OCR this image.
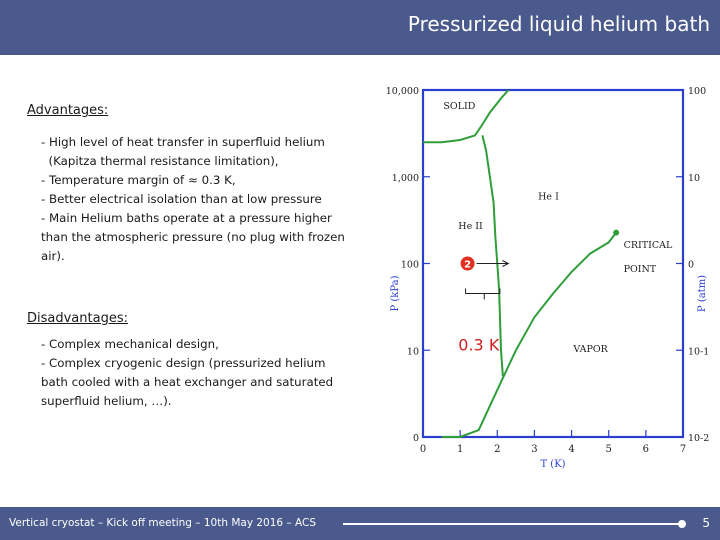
Pressurized liquid helium bath
Advantages:
- High level of heat transfer in superfluid helium
(Kapitza thermal resistance limitation),
- Temperature margin of ≈ 0.3 K,
- Better electrical isolation than at low pressure
- Main Helium baths operate at a pressure higher
than the atmospheric pressure (no plug with frozen
air).
Disadvantages:
- Complex mechanical design,
- Complex cryogenic design (pressurized helium
bath cooled with a heat exchanger and saturated
superfluid helium, …).
0	1	2	3	4	5	6	7
0
10
100
1,000
10,000
10-2
10-1
0
10
100
T (K)
P (kPa)	P (atm)
SOLID
He I
He II
VAPOR
CRITICAL
POINT
2
0.3 K
Vertical cryostat – Kick off meeting – 10th May 2016 – ACS	5
